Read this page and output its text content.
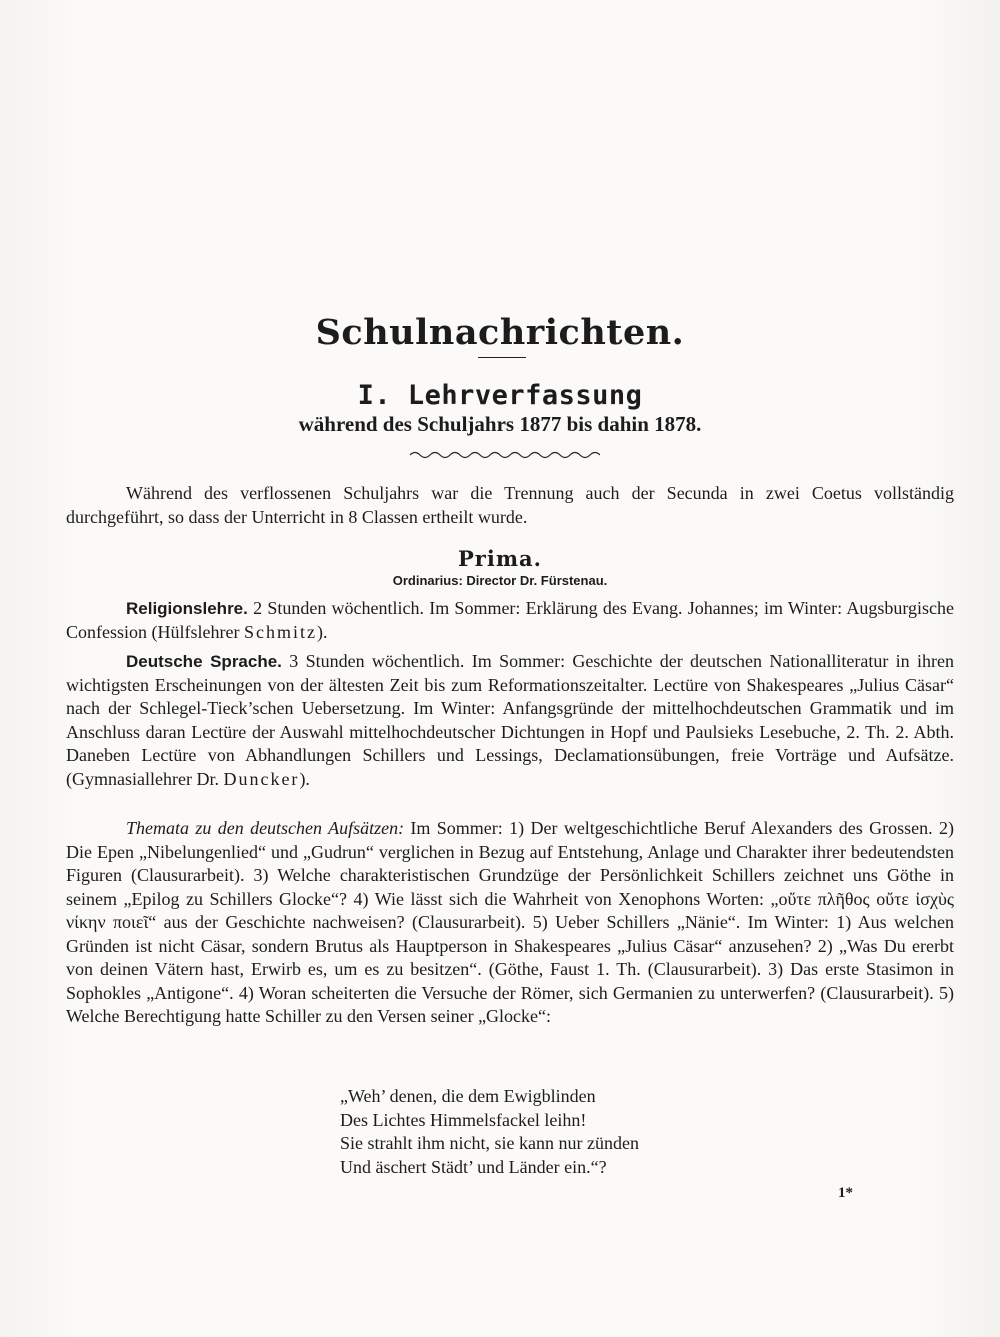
Schulnachrichten.
I. Lehrverfassung
während des Schuljahrs 1877 bis dahin 1878.
Während des verflossenen Schuljahrs war die Trennung auch der Secunda in zwei Coetus vollständig durchgeführt, so dass der Unterricht in 8 Classen ertheilt wurde.
Prima.
Ordinarius: Director Dr. Fürstenau.
Religionslehre. 2 Stunden wöchentlich. Im Sommer: Erklärung des Evang. Johannes; im Winter: Augsburgische Confession (Hülfslehrer Schmitz).
Deutsche Sprache. 3 Stunden wöchentlich. Im Sommer: Geschichte der deutschen Nationalliteratur in ihren wichtigsten Erscheinungen von der ältesten Zeit bis zum Reformationszeitalter. Lectüre von Shakespeares „Julius Cäsar“ nach der Schlegel-Tieck’schen Uebersetzung. Im Winter: Anfangsgründe der mittelhochdeutschen Grammatik und im Anschluss daran Lectüre der Auswahl mittelhochdeutscher Dichtungen in Hopf und Paulsieks Lesebuche, 2. Th. 2. Abth. Daneben Lectüre von Abhandlungen Schillers und Lessings, Declamationsübungen, freie Vorträge und Aufsätze. (Gymnasiallehrer Dr. Duncker).
Themata zu den deutschen Aufsätzen: Im Sommer: 1) Der weltgeschichtliche Beruf Alexanders des Grossen. 2) Die Epen „Nibelungenlied“ und „Gudrun“ verglichen in Bezug auf Entstehung, Anlage und Charakter ihrer bedeutendsten Figuren (Clausurarbeit). 3) Welche charakteristischen Grundzüge der Persönlichkeit Schillers zeichnet uns Göthe in seinem „Epilog zu Schillers Glocke“? 4) Wie lässt sich die Wahrheit von Xenophons Worten: „οὔτε πλῆθος οὔτε ἰσχὺς νίκην ποιεῖ“ aus der Geschichte nachweisen? (Clausurarbeit). 5) Ueber Schillers „Nänie“. Im Winter: 1) Aus welchen Gründen ist nicht Cäsar, sondern Brutus als Hauptperson in Shakespeares „Julius Cäsar“ anzusehen? 2) „Was Du ererbt von deinen Vätern hast, Erwirb es, um es zu besitzen“. (Göthe, Faust 1. Th. (Clausurarbeit). 3) Das erste Stasimon in Sophokles „Antigone“. 4) Woran scheiterten die Versuche der Römer, sich Germanien zu unterwerfen? (Clausurarbeit). 5) Welche Berechtigung hatte Schiller zu den Versen seiner „Glocke“:
„Weh’ denen, die dem Ewigblinden
Des Lichtes Himmelsfackel leihn!
Sie strahlt ihm nicht, sie kann nur zünden
Und äschert Städt’ und Länder ein.“?
1*
